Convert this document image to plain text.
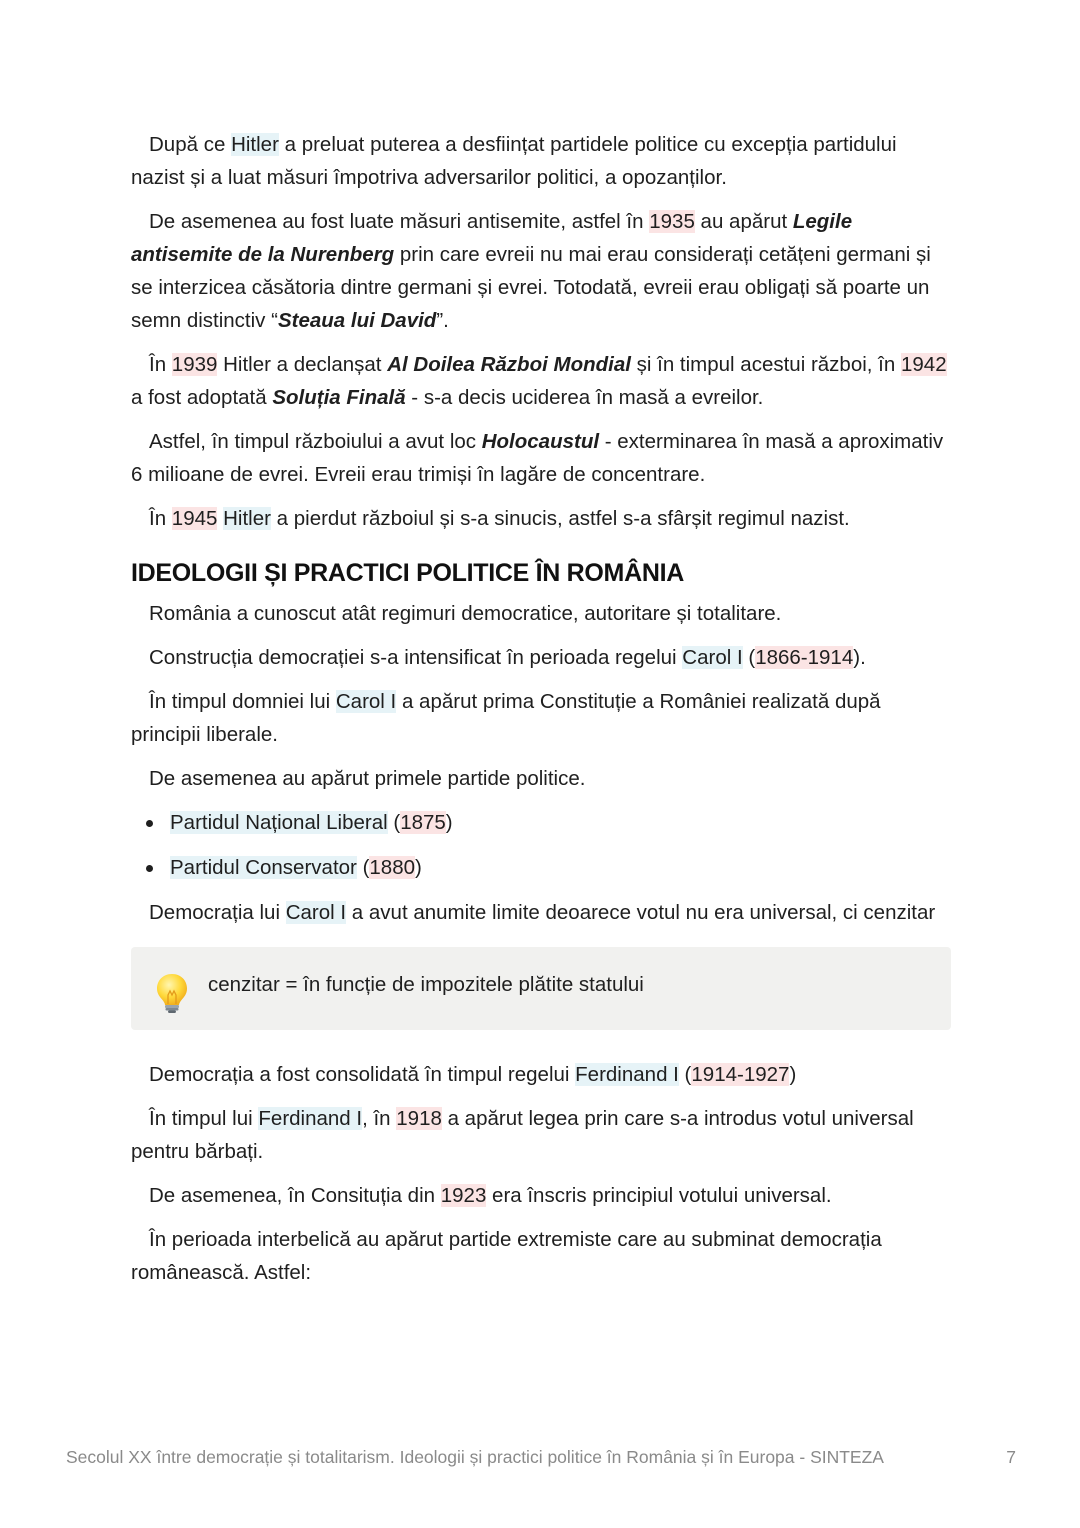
După ce Hitler a preluat puterea a desființat partidele politice cu excepția partidului nazist și a luat măsuri împotriva adversarilor politici, a opozanților.

De asemenea au fost luate măsuri antisemite, astfel în 1935 au apărut Legile antisemite de la Nurenberg prin care evreii nu mai erau considerați cetățeni germani și se interzicea căsătoria dintre germani și evrei. Totodată, evreii erau obligați să poarte un semn distinctiv “Steaua lui David”.

În 1939 Hitler a declanșat Al Doilea Război Mondial și în timpul acestui război, în 1942 a fost adoptată Soluția Finală - s-a decis uciderea în masă a evreilor.

Astfel, în timpul războiului a avut loc Holocaustul - exterminarea în masă a aproximativ 6 milioane de evrei. Evreii erau trimiși în lagăre de concentrare.

În 1945 Hitler a pierdut războiul și s-a sinucis, astfel s-a sfârșit regimul nazist.

IDEOLOGII ȘI PRACTICI POLITICE ÎN ROMÂNIA

România a cunoscut atât regimuri democratice, autoritare și totalitare.

Construcția democrației s-a intensificat în perioada regelui Carol I (1866-1914).

În timpul domniei lui Carol I a apărut prima Constituție a României realizată după principii liberale.

De asemenea au apărut primele partide politice.

Partidul Național Liberal (1875)
Partidul Conservator (1880)

Democrația lui Carol I a avut anumite limite deoarece votul nu era universal, ci cenzitar

cenzitar = în funcție de impozitele plătite statului

Democrația a fost consolidată în timpul regelui Ferdinand I (1914-1927)

În timpul lui Ferdinand I, în 1918 a apărut legea prin care s-a introdus votul universal pentru bărbați.

De asemenea, în Consituția din 1923 era înscris principiul votului universal.

În perioada interbelică au apărut partide extremiste care au subminat democrația românească. Astfel:

Secolul XX între democrație și totalitarism. Ideologii și practici politice în România și în Europa - SINTEZA	7
